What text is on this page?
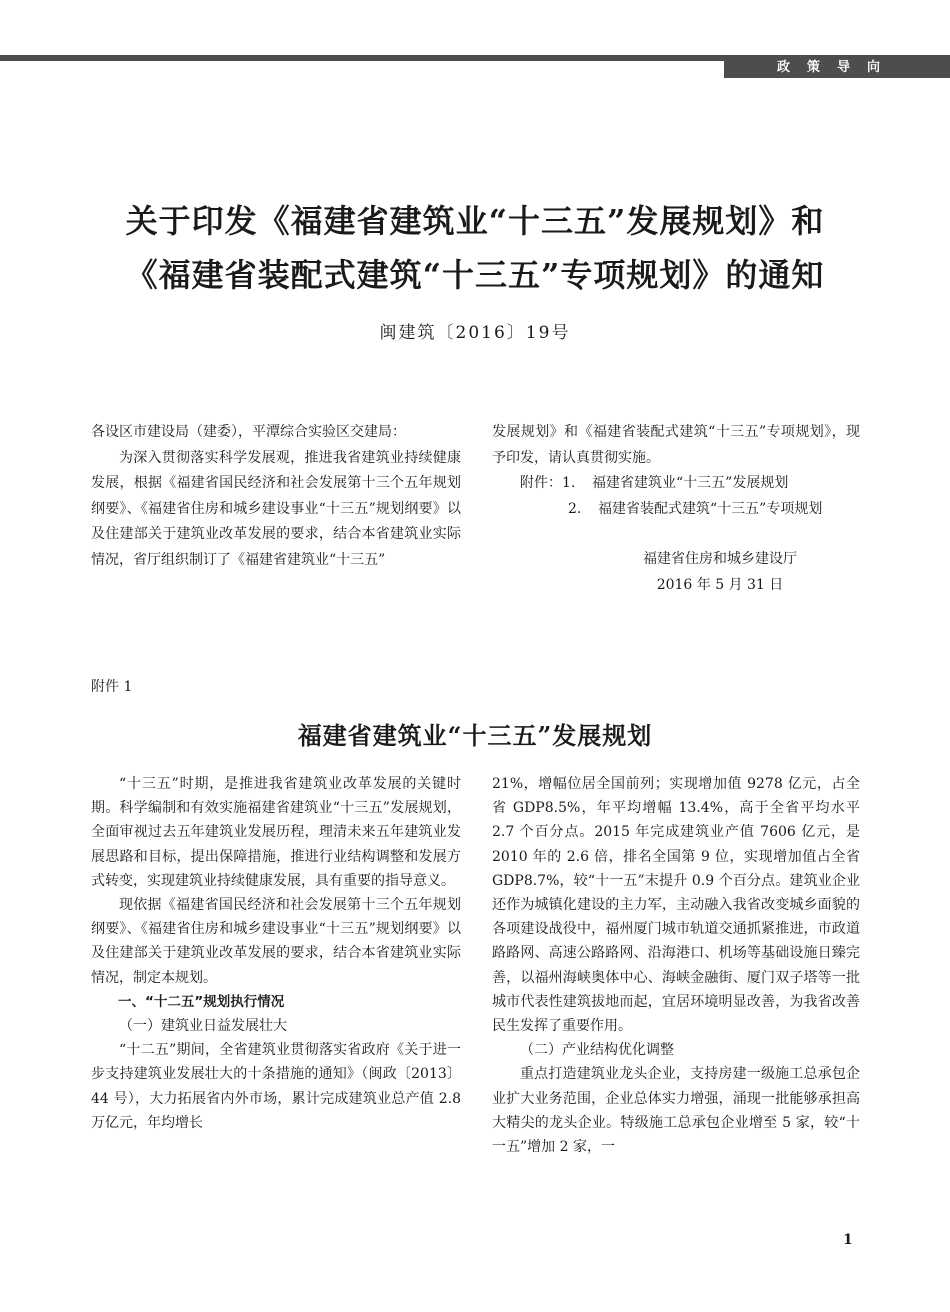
政策导向
关于印发《福建省建筑业“十三五”发展规划》和
《福建省装配式建筑“十三五”专项规划》的通知
闽建筑〔2016〕19号

各设区市建设局（建委），平潭综合实验区交建局：

为深入贯彻落实科学发展观，推进我省建筑业持续健康发展，根据《福建省国民经济和社会发展第十三个五年规划纲要》、《福建省住房和城乡建设事业“十三五”规划纲要》以及住建部关于建筑业改革发展的要求，结合本省建筑业实际情况，省厅组织制订了《福建省建筑业“十三五”

发展规划》和《福建省装配式建筑“十三五”专项规划》，现予印发，请认真贯彻实施。

附件： 1.	福建省建筑业“十三五”发展规划
2.	福建省装配式建筑“十三五”专项规划

福建省住房和城乡建设厅

2016 年 5 月 31 日

附件 1
福建省建筑业“十三五”发展规划

“十三五”时期，是推进我省建筑业改革发展的关键时期。科学编制和有效实施福建省建筑业“十三五”发展规划，全面审视过去五年建筑业发展历程，理清未来五年建筑业发展思路和目标，提出保障措施，推进行业结构调整和发展方式转变，实现建筑业持续健康发展，具有重要的指导意义。

现依据《福建省国民经济和社会发展第十三个五年规划纲要》、《福建省住房和城乡建设事业“十三五”规划纲要》以及住建部关于建筑业改革发展的要求，结合本省建筑业实际情况，制定本规划。

一、“十二五”规划执行情况

（一）建筑业日益发展壮大

“十二五”期间，全省建筑业贯彻落实省政府《关于进一步支持建筑业发展壮大的十条措施的通知》（闽政〔2013〕44 号），大力拓展省内外市场，累计完成建筑业总产值 2.8 万亿元，年均增长

21%，增幅位居全国前列；实现增加值 9278 亿元，占全省 GDP8.5%，年平均增幅 13.4%，高于全省平均水平 2.7 个百分点。2015 年完成建筑业产值 7606 亿元，是 2010 年的 2.6 倍，排名全国第 9 位，实现增加值占全省 GDP8.7%，较“十一五”末提升 0.9 个百分点。建筑业企业还作为城镇化建设的主力军，主动融入我省改变城乡面貌的各项建设战役中，福州厦门城市轨道交通抓紧推进，市政道路路网、高速公路路网、沿海港口、机场等基础设施日臻完善，以福州海峡奥体中心、海峡金融街、厦门双子塔等一批城市代表性建筑拔地而起，宜居环境明显改善，为我省改善民生发挥了重要作用。

（二）产业结构优化调整

重点打造建筑业龙头企业，支持房建一级施工总承包企业扩大业务范围，企业总体实力增强，涌现一批能够承担高大精尖的龙头企业。特级施工总承包企业增至 5 家，较“十一五”增加 2 家，一

1
